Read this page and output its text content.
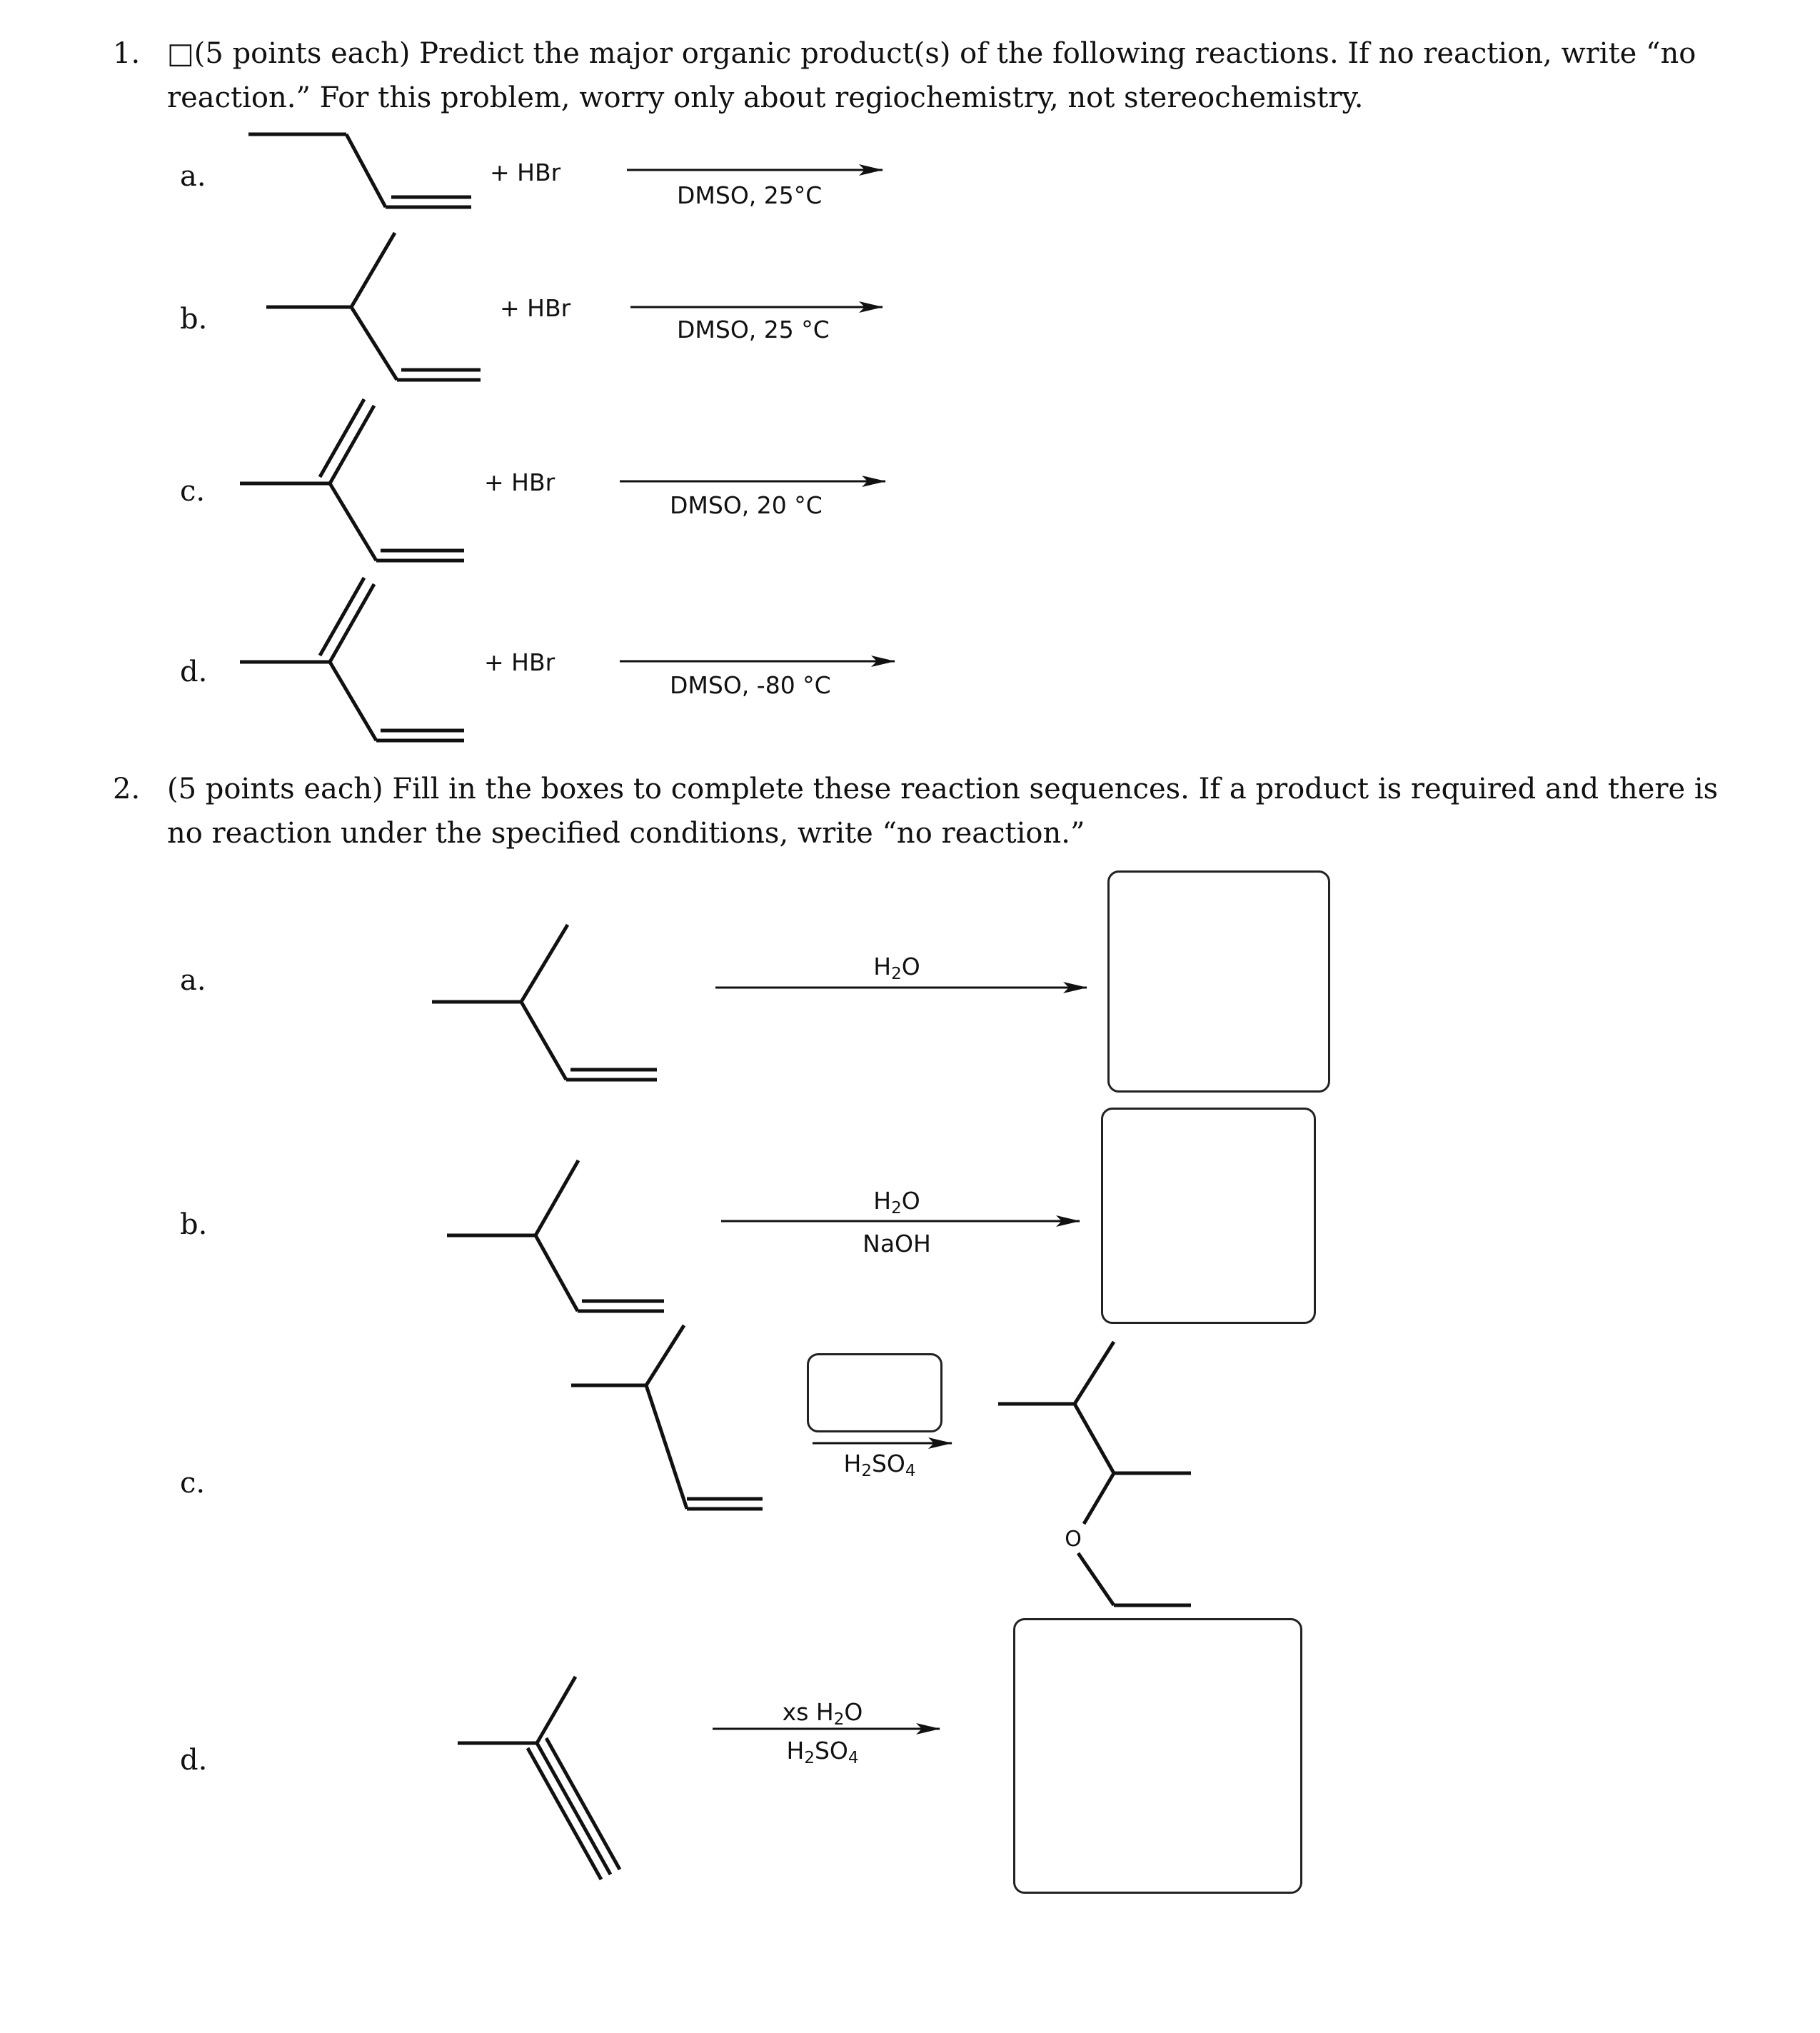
1. □(5 points each) Predict the major organic product(s) of the following reactions. If no reaction, write “no
reaction.” For this problem, worry only about regiochemistry, not stereochemistry.
a.
b.
c.
d.
+ HBr
DMSO, 25°C
+ HBr
DMSO, 25 °C
+ HBr
DMSO, 20 °C
+ HBr
DMSO, -80 °C
2. (5 points each) Fill in the boxes to complete these reaction sequences. If a product is required and there is
no reaction under the specified conditions, write “no reaction.”
a.
b.
c.
d.
$H_2O$
$H_2O$
NaOH
$H_2SO_4$
O
xs $H_2O$
$H_2SO_4$
